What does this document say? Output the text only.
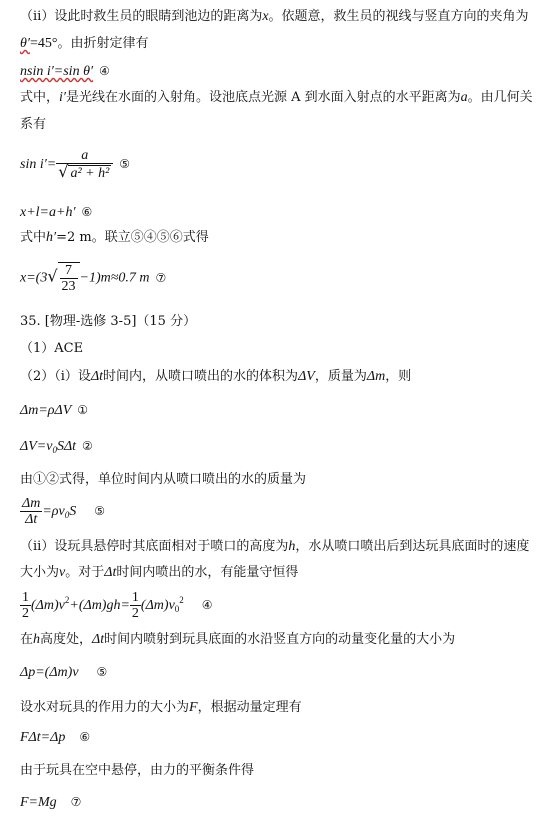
（ⅱ）设此时救生员的眼睛到池边的距离为x。依题意，救生员的视线与竖直方向的夹角为
θ′=45°。由折射定律有
nsin i′=sin θ′ ④
式中，i′是光线在水面的入射角。设池底点光源 A 到水面入射点的水平距离为a。由几何关
系有
$\sin i'= \frac{a}{\text{√ a² + h²}}$ ⑤
x+l=a+h′ ⑥
式中h′=2 m。联立⑤④⑤⑥式得
$x=(3√ \frac{7}{23} -1)m\approx 0.7$ m ⑦
35. [物理-选修 3-5]（15 分）
（1）ACE
（2）（i）设Δt时间内，从喷口喷出的水的体积为ΔV，质量为Δm，则
Δm=ρΔV ①
$\Delta V=v_0S\Delta t$ ②
由①②式得，单位时间内从喷口喷出的水的质量为
$\frac{\Delta m}{\Delta t} =\rho v_0S$ ⑤
（ii）设玩具悬停时其底面相对于喷口的高度为h，水从喷口喷出后到达玩具底面时的速度
大小为v。对于Δt时间内喷出的水，有能量守恒得
$\frac{1}{2} (\Delta m)v^2+(\Delta m)gh= \frac{1}{2} (\Delta m)v_0^2$ ④
在h高度处，Δt时间内喷射到玩具底面的水沿竖直方向的动量变化量的大小为
Δp=(Δm)v ⑤
设水对玩具的作用力的大小为F，根据动量定理有
FΔt=Δp ⑥
由于玩具在空中悬停，由力的平衡条件得
F=Mg ⑦
